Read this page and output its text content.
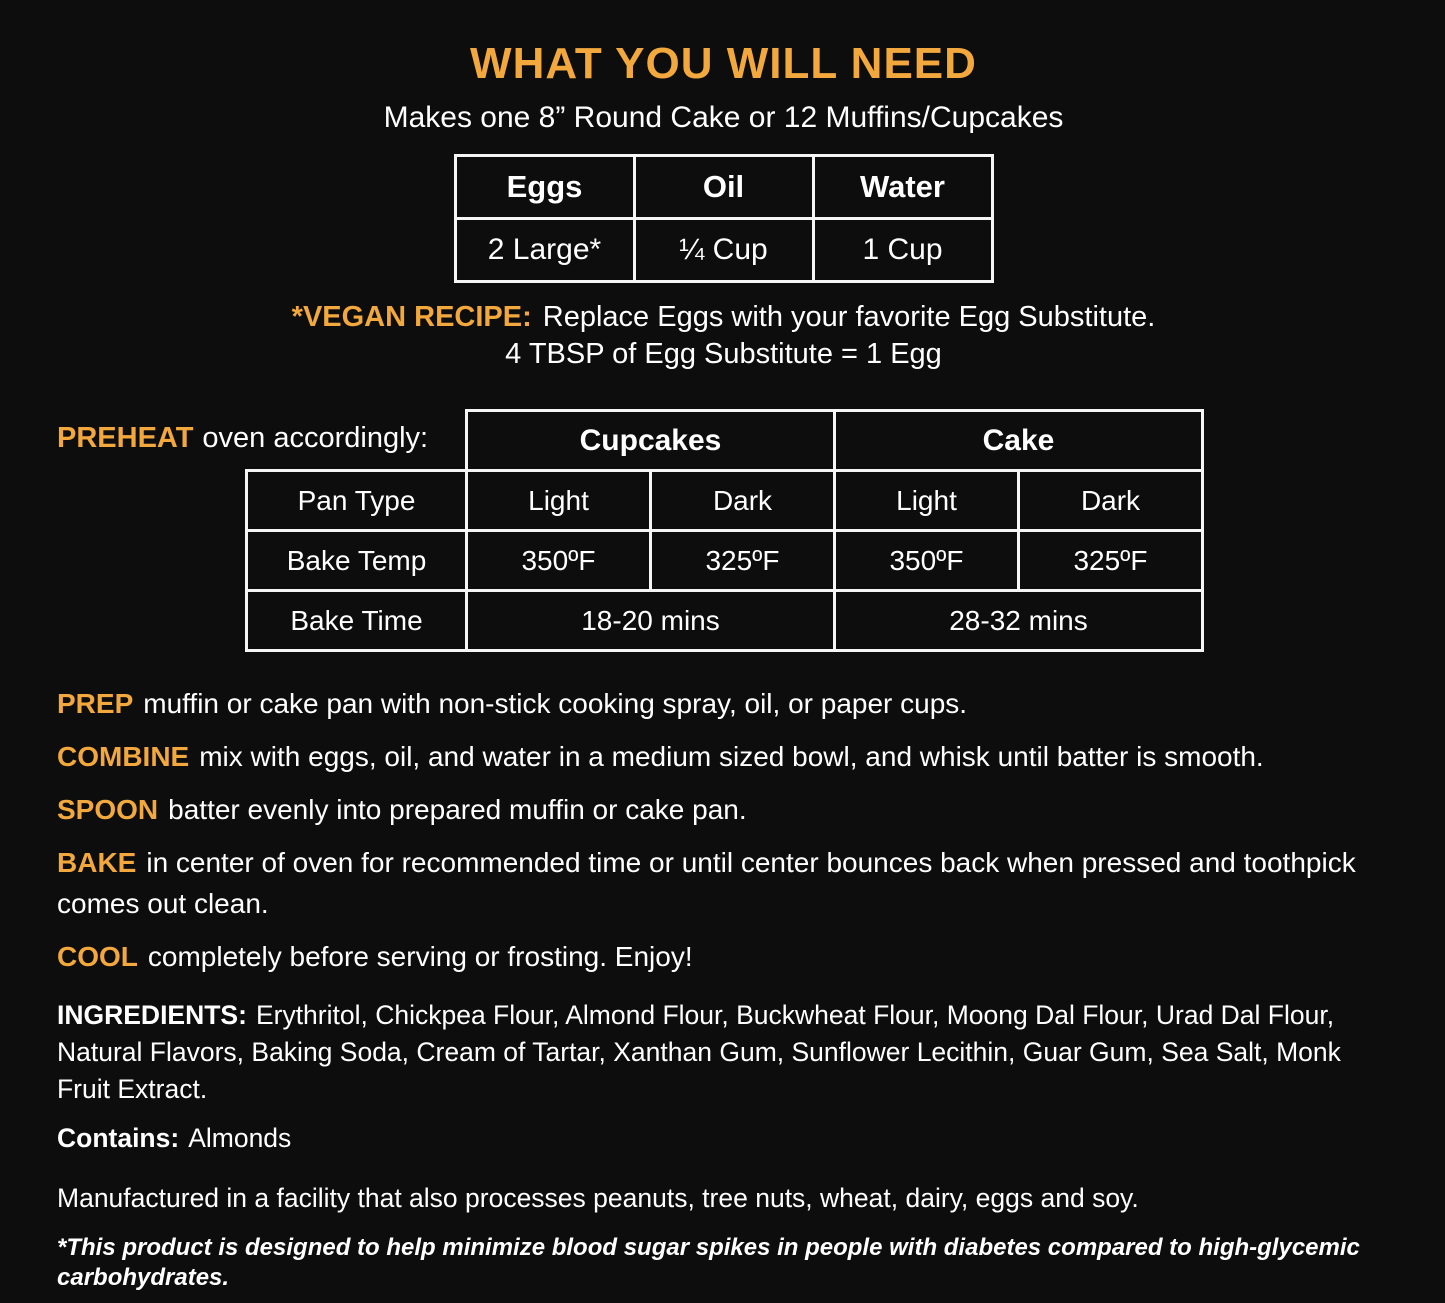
WHAT YOU WILL NEED
Makes one 8” Round Cake or 12 Muffins/Cupcakes
Eggs	Oil	Water
2 Large*	¼ Cup	1 Cup
*VEGAN RECIPE: Replace Eggs with your favorite Egg Substitute.
4 TBSP of Egg Substitute = 1 Egg
PREHEAT oven accordingly:
		Cupcakes		Cake	
Pan Type	Light	Dark	Light	Dark
Bake Temp	350ºF	325ºF	350ºF	325ºF
Bake Time	18-20 mins		28-32 mins	

PREP muffin or cake pan with non-stick cooking spray, oil, or paper cups.

COMBINE mix with eggs, oil, and water in a medium sized bowl, and whisk until batter is smooth.

SPOON batter evenly into prepared muffin or cake pan.

BAKE in center of oven for recommended time or until center bounces back when pressed and toothpick comes out clean.

COOL completely before serving or frosting. Enjoy!

INGREDIENTS: Erythritol, Chickpea Flour, Almond Flour, Buckwheat Flour, Moong Dal Flour, Urad Dal Flour, Natural Flavors, Baking Soda, Cream of Tartar, Xanthan Gum, Sunflower Lecithin, Guar Gum, Sea Salt, Monk Fruit Extract.

Contains: Almonds

Manufactured in a facility that also processes peanuts, tree nuts, wheat, dairy, eggs and soy.

*This product is designed to help minimize blood sugar spikes in people with diabetes compared to high-glycemic carbohydrates.
